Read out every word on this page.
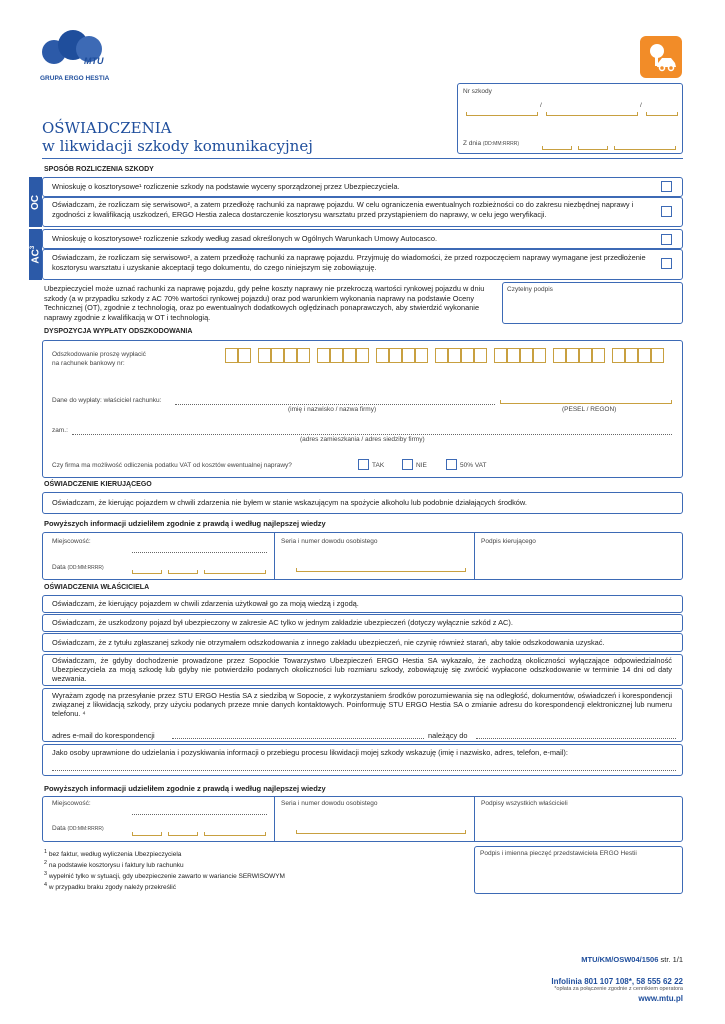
MTU
GRUPA ERGO HESTIA
OŚWIADCZENIA
w likwidacji szkody komunikacyjnej
Nr szkody
/	/
Z dnia (DD:MM:RRRR)
SPOSÓB ROZLICZENIA SZKODY
OC
Wnioskuję o kosztorysowe¹ rozliczenie szkody na podstawie wyceny sporządzonej przez Ubezpieczyciela.
Oświadczam, że rozliczam się serwisowo², a zatem przedłożę rachunki za naprawę pojazdu. W celu ograniczenia ewentualnych rozbieżności co do zakresu niezbędnej naprawy i zgodności z kwalifikacją uszkodzeń, ERGO Hestia zaleca dostarczenie kosztorysu warsztatu przed przystąpieniem do naprawy, w celu jego weryfikacji.
$AC^3$
Wnioskuję o kosztorysowe¹ rozliczenie szkody według zasad określonych w Ogólnych Warunkach Umowy Autocasco.
Oświadczam, że rozliczam się serwisowo², a zatem przedłożę rachunki za naprawę pojazdu. Przyjmuję do wiadomości, że przed rozpoczęciem naprawy wymagane jest przedłożenie kosztorysu warsztatu i uzyskanie akceptacji tego dokumentu, do czego niniejszym się zobowiązuję.
Ubezpieczyciel może uznać rachunki za naprawę pojazdu, gdy pełne koszty naprawy nie przekroczą wartości rynkowej pojazdu w dniu szkody (a w przypadku szkody z AC 70% wartości rynkowej pojazdu) oraz pod warunkiem wykonania naprawy na podstawie Oceny Technicznej (OT), zgodnie z technologią, oraz po ewentualnych dodatkowych oględzinach ponaprawczych, aby stwierdzić wykonanie naprawy zgodnie z kwalifikacją w OT i technologią.
Czytelny podpis
DYSPOZYCJA WYPŁATY ODSZKODOWANIA
Odszkodowanie proszę wypłacić
na rachunek bankowy nr:
Dane do wypłaty: właściciel rachunku:
(imię i nazwisko / nazwa firmy)	(PESEL / REGON)
zam.:
(adres zamieszkania / adres siedziby firmy)
Czy firma ma możliwość odliczenia podatku VAT od kosztów ewentualnej naprawy?	TAK	NIE	50% VAT
OŚWIADCZENIE KIERUJĄCEGO
Oświadczam, że kierując pojazdem w chwili zdarzenia nie byłem w stanie wskazującym na spożycie alkoholu lub podobnie działających środków.
Powyższych informacji udzieliłem zgodnie z prawdą i według najlepszej wiedzy
Miejscowość:
Data (DD:MM:RRRR)
Seria i numer dowodu osobistego	Podpis kierującego
OŚWIADCZENIA WŁAŚCICIELA
Oświadczam, że kierujący pojazdem w chwili zdarzenia użytkował go za moją wiedzą i zgodą.
Oświadczam, że uszkodzony pojazd był ubezpieczony w zakresie AC tylko w jednym zakładzie ubezpieczeń (dotyczy wyłącznie szkód z AC).
Oświadczam, że z tytułu zgłaszanej szkody nie otrzymałem odszkodowania z innego zakładu ubezpieczeń, nie czynię również starań, aby takie odszkodowania uzyskać.
Oświadczam, że gdyby dochodzenie prowadzone przez Sopockie Towarzystwo Ubezpieczeń ERGO Hestia SA wykazało, że zachodzą okoliczności wyłączające odpowiedzialność Ubezpieczyciela za moją szkodę lub gdyby nie potwierdziło podanych okoliczności lub rozmiaru szkody, zobowiązuję się zwrócić wypłacone odszkodowanie w terminie 14 dni od daty wezwania.
Wyrażam zgodę na przesyłanie przez STU ERGO Hestia SA z siedzibą w Sopocie, z wykorzystaniem środków porozumiewania się na odległość, dokumentów, oświadczeń i korespondencji związanej z likwidacją szkody, przy użyciu podanych przeze mnie danych kontaktowych. Poinformuję STU ERGO Hestia SA o zmianie adresu do korespondencji elektronicznej lub numeru telefonu. ⁴
adres e-mail do korespondencji	należący do
Jako osoby uprawnione do udzielania i pozyskiwania informacji o przebiegu procesu likwidacji mojej szkody wskazuję (imię i nazwisko, adres, telefon, e-mail):
Powyższych informacji udzieliłem zgodnie z prawdą i według najlepszej wiedzy
Miejscowość:
Data (DD:MM:RRRR)
Seria i numer dowodu osobistego	Podpisy wszystkich właścicieli
$^1$ bez faktur, według wyliczenia Ubezpieczyciela
$^2$ na podstawie kosztorysu i faktury lub rachunku
$^3$ wypełnić tylko w sytuacji, gdy ubezpieczenie zawarto w wariancie SERWISOWYM
$^4$ w przypadku braku zgody należy przekreślić
Podpis i imienna pieczęć przedstawiciela ERGO Hestii
MTU/KM/OSW04/1506 str. 1/1
Infolinia 801 107 108*, 58 555 62 22
*opłata za połączenie zgodnie z cennikiem operatora
www.mtu.pl
